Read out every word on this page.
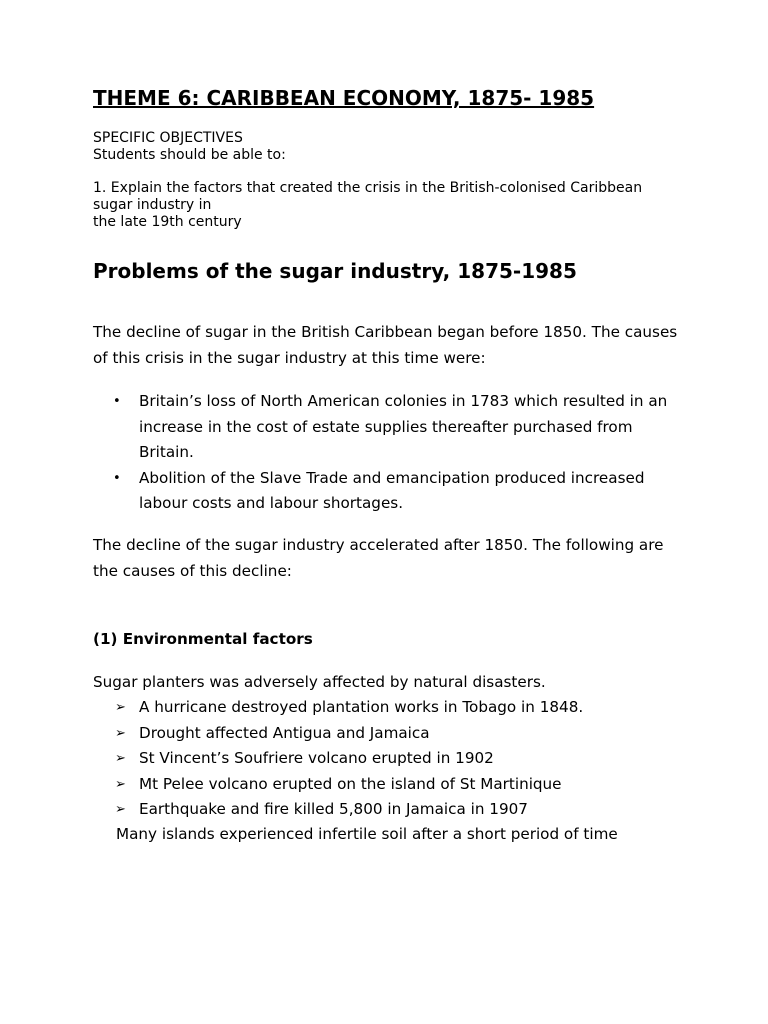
THEME 6: CARIBBEAN ECONOMY, 1875- 1985

SPECIFIC OBJECTIVES

Students should be able to:

1. Explain the factors that created the crisis in the British-colonised Caribbean sugar industry in

the late 19th century

Problems of the sugar industry, 1875-1985

The decline of sugar in the British Caribbean began before 1850. The causes of this crisis in the sugar industry at this time were:

• Britain’s loss of North American colonies in 1783 which resulted in an increase in the cost of estate supplies thereafter purchased from Britain.
• Abolition of the Slave Trade and emancipation produced increased labour costs and labour shortages.

The decline of the sugar industry accelerated after 1850. The following are the causes of this decline:

(1) Environmental factors

Sugar planters was adversely affected by natural disasters.

➢ A hurricane destroyed plantation works in Tobago in 1848.
➢ Drought affected Antigua and Jamaica
➢ St Vincent’s Soufriere volcano erupted in 1902
➢ Mt Pelee volcano erupted on the island of St Martinique
➢ Earthquake and fire killed 5,800 in Jamaica in 1907

Many islands experienced infertile soil after a short period of time
